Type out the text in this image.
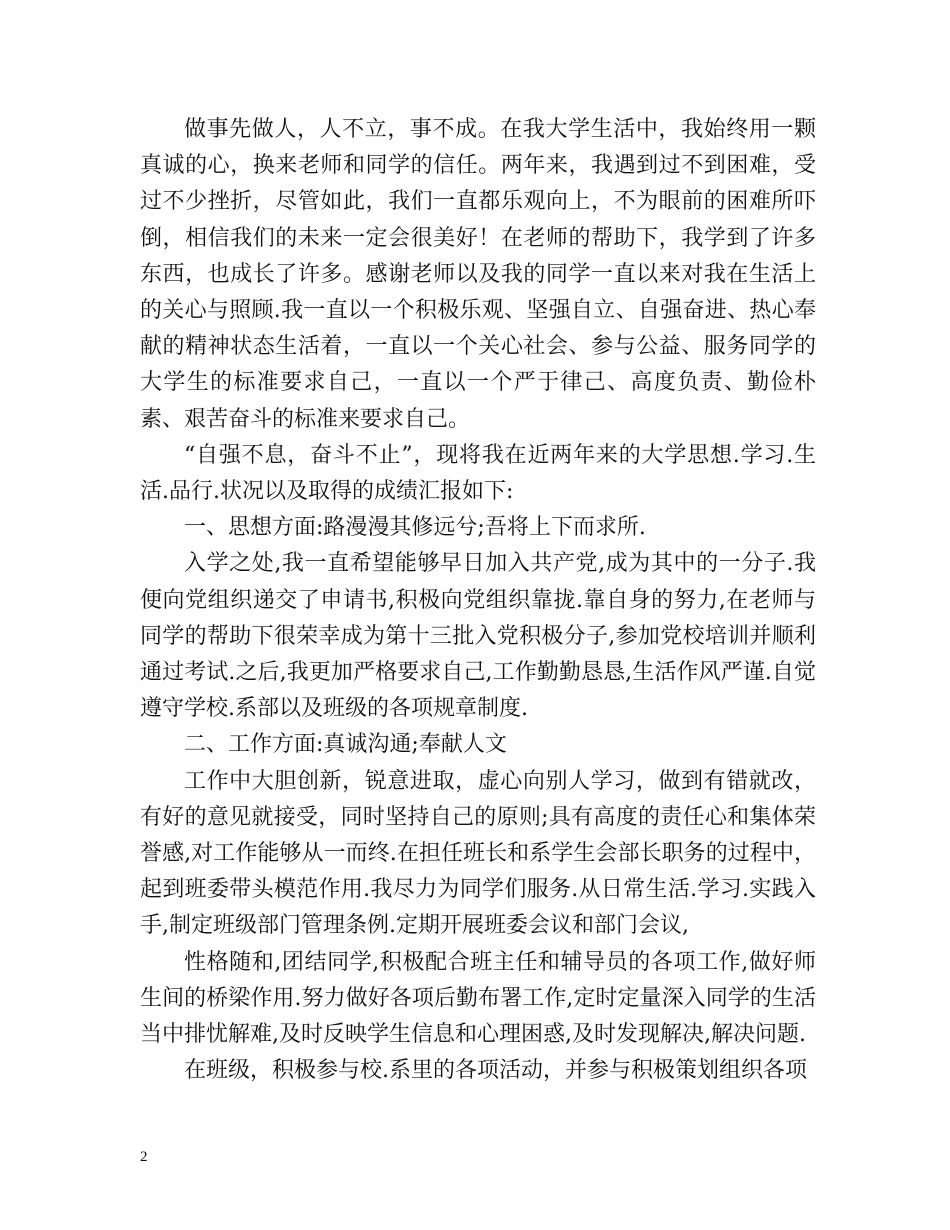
做事先做人，人不立，事不成。在我大学生活中，我始终用一颗真诚的心，换来老师和同学的信任。两年来，我遇到过不到困难，受过不少挫折，尽管如此，我们一直都乐观向上，不为眼前的困难所吓倒，相信我们的未来一定会很美好！在老师的帮助下，我学到了许多东西，也成长了许多。感谢老师以及我的同学一直以来对我在生活上的关心与照顾.我一直以一个积极乐观、坚强自立、自强奋进、热心奉献的精神状态生活着，一直以一个关心社会、参与公益、服务同学的大学生的标准要求自己，一直以一个严于律己、高度负责、勤俭朴素、艰苦奋斗的标准来要求自己。

“自强不息，奋斗不止”，现将我在近两年来的大学思想.学习.生活.品行.状况以及取得的成绩汇报如下:

一、思想方面:路漫漫其修远兮;吾将上下而求所.

入学之处,我一直希望能够早日加入共产党,成为其中的一分子.我便向党组织递交了申请书,积极向党组织靠拢.靠自身的努力,在老师与同学的帮助下很荣幸成为第十三批入党积极分子,参加党校培训并顺利通过考试.之后,我更加严格要求自己,工作勤勤恳恳,生活作风严谨.自觉遵守学校.系部以及班级的各项规章制度.

二、工作方面:真诚沟通;奉献人文

工作中大胆创新，锐意进取，虚心向别人学习，做到有错就改，有好的意见就接受，同时坚持自己的原则;具有高度的责任心和集体荣誉感,对工作能够从一而终.在担任班长和系学生会部长职务的过程中，起到班委带头模范作用.我尽力为同学们服务.从日常生活.学习.实践入手,制定班级部门管理条例.定期开展班委会议和部门会议,

性格随和,团结同学,积极配合班主任和辅导员的各项工作,做好师生间的桥梁作用.努力做好各项后勤布署工作,定时定量深入同学的生活当中排忧解难,及时反映学生信息和心理困惑,及时发现解决,解决问题.

在班级，积极参与校.系里的各项活动，并参与积极策划组织各项

2
